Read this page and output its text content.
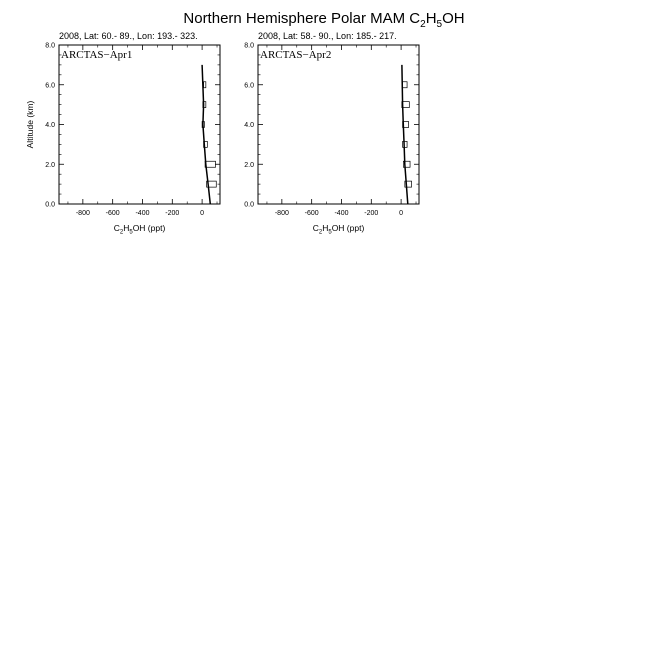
Northern Hemisphere Polar MAM $C_2H_5OH$
2008, Lat: 60.- 89., Lon: 193.- 323.
ARCTAS−Apr1
$C_2H_5OH$ (ppt)
Altitude (km)
-800 -600 -400 -200	0
0.0
2.0
4.0
6.0
8.0
2008, Lat: 58.- 90., Lon: 185.- 217.
ARCTAS−Apr2
$C_2H_5OH$ (ppt)
-800 -600 -400 -200	0
0.0
2.0
4.0
6.0
8.0
